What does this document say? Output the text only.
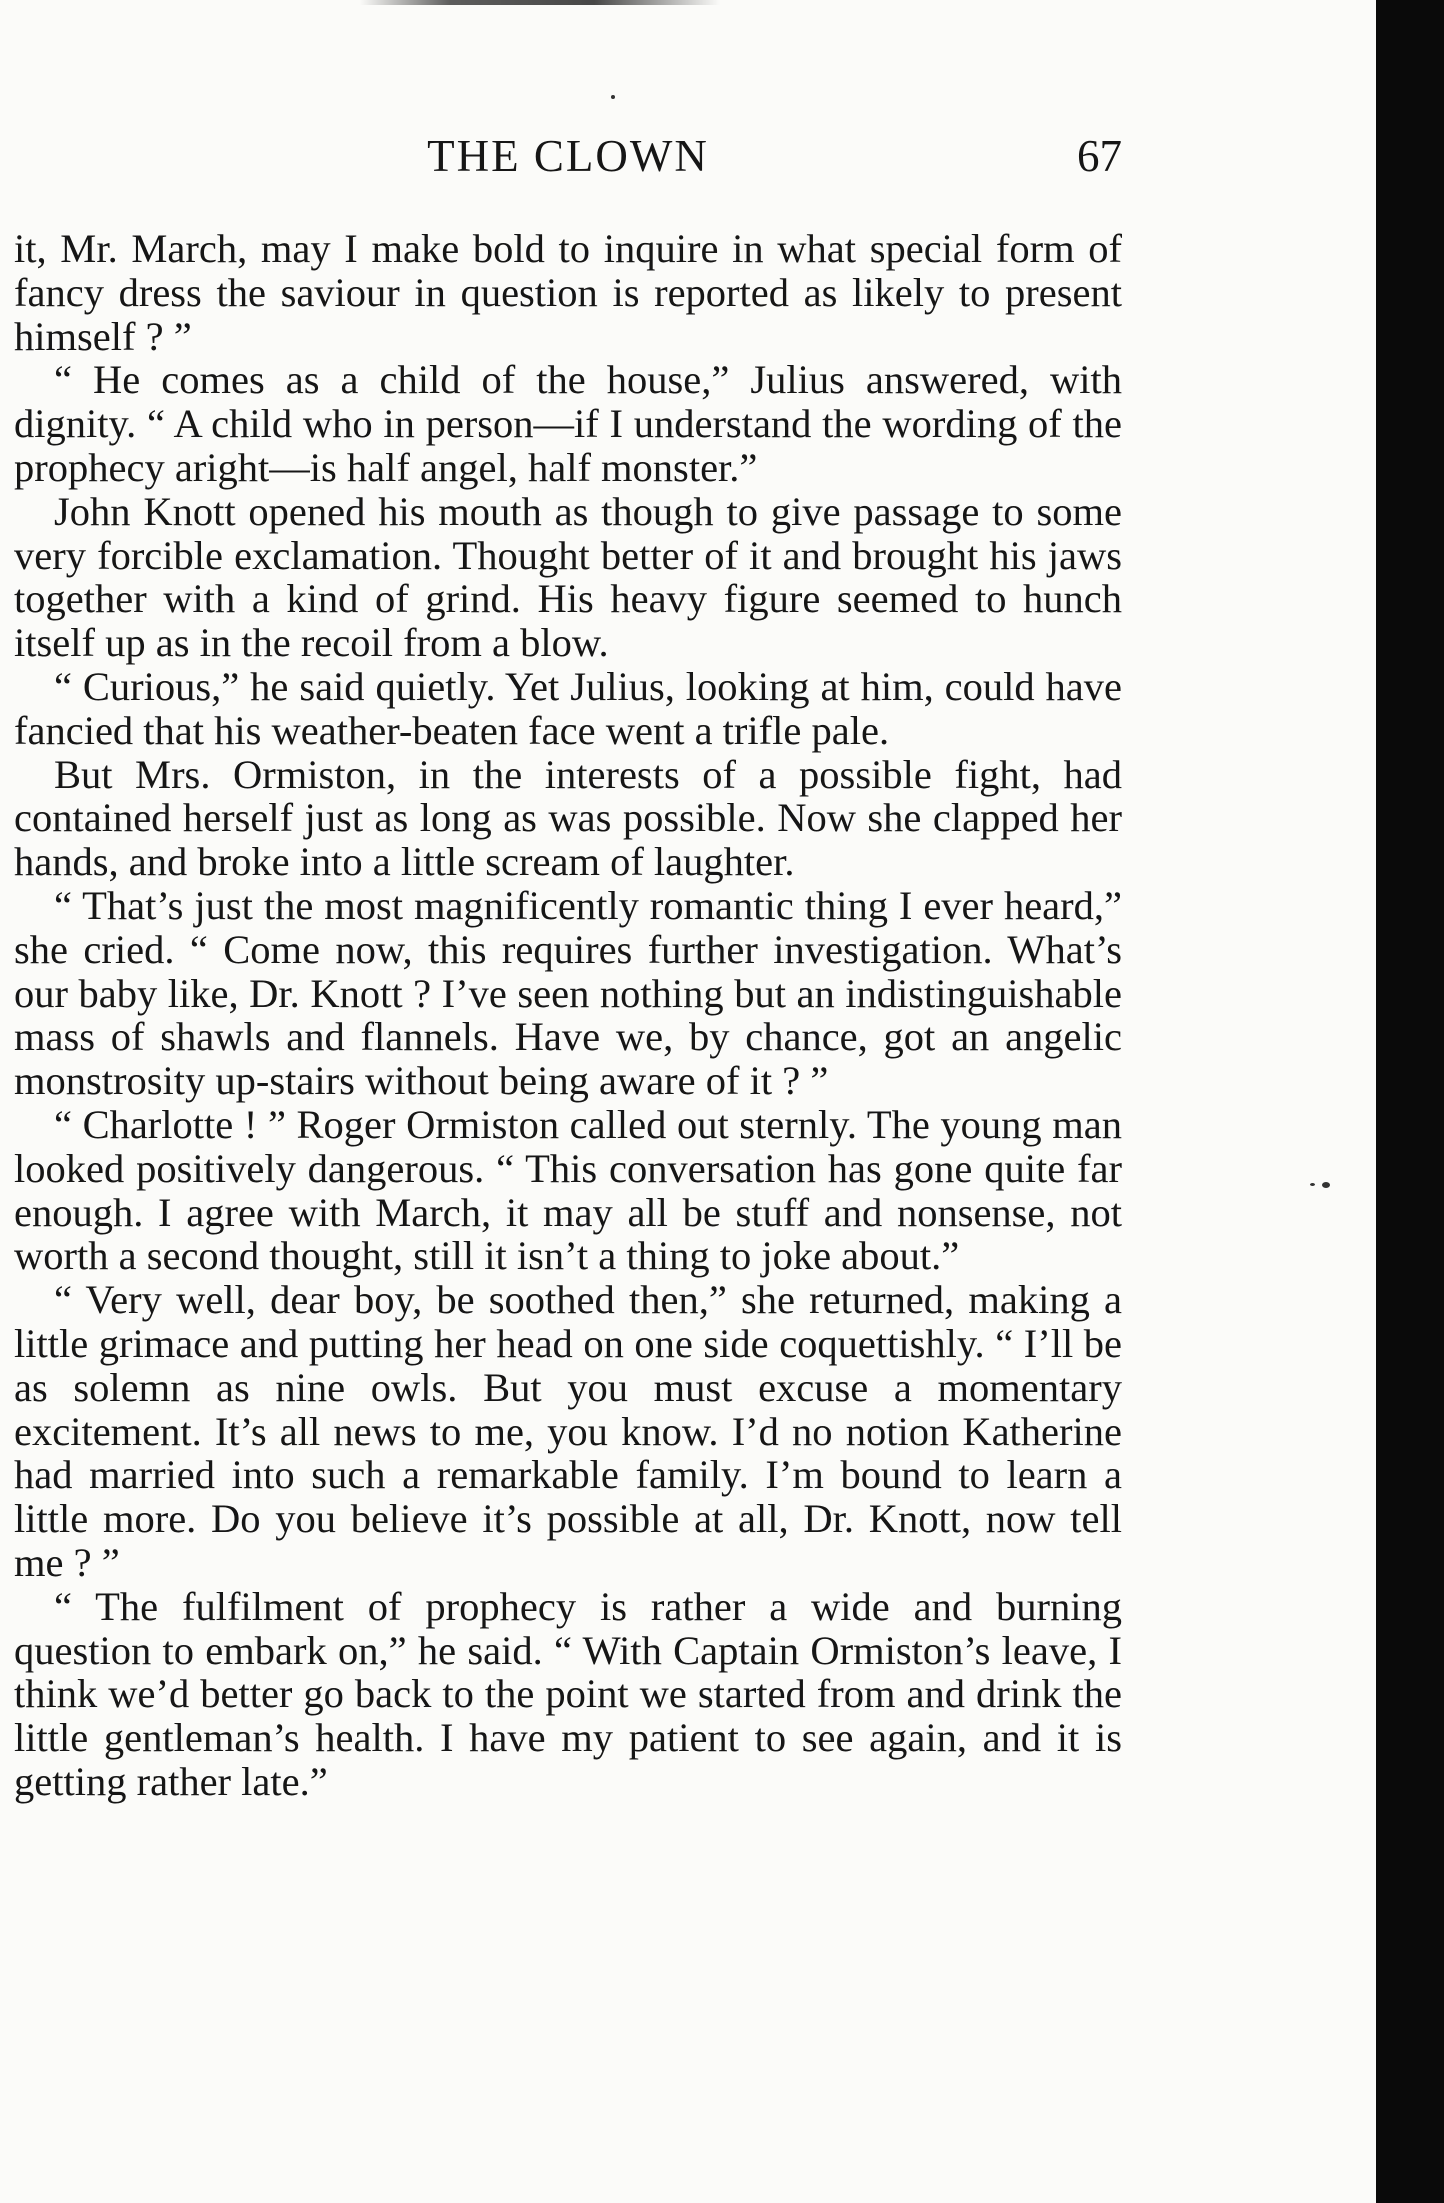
THE CLOWN	67

it, Mr. March, may I make bold to inquire in what special form of fancy dress the saviour in question is reported as likely to present himself ? ”

“ He comes as a child of the house,” Julius answered, with dignity. “ A child who in person—if I understand the wording of the prophecy aright—is half angel, half monster.”

John Knott opened his mouth as though to give passage to some very forcible exclamation. Thought better of it and brought his jaws together with a kind of grind. His heavy figure seemed to hunch itself up as in the recoil from a blow.

“ Curious,” he said quietly. Yet Julius, looking at him, could have fancied that his weather-beaten face went a trifle pale.

But Mrs. Ormiston, in the interests of a possible fight, had contained herself just as long as was possible. Now she clapped her hands, and broke into a little scream of laughter.

“ That’s just the most magnificently romantic thing I ever heard,” she cried. “ Come now, this requires further investigation. What’s our baby like, Dr. Knott ? I’ve seen nothing but an indistinguishable mass of shawls and flannels. Have we, by chance, got an angelic monstrosity up-stairs without being aware of it ? ”

“ Charlotte ! ” Roger Ormiston called out sternly. The young man looked positively dangerous. “ This conversation has gone quite far enough. I agree with March, it may all be stuff and nonsense, not worth a second thought, still it isn’t a thing to joke about.”

“ Very well, dear boy, be soothed then,” she returned, making a little grimace and putting her head on one side coquettishly. “ I’ll be as solemn as nine owls. But you must excuse a momentary excitement. It’s all news to me, you know. I’d no notion Katherine had married into such a remarkable family. I’m bound to learn a little more. Do you believe it’s possible at all, Dr. Knott, now tell me ? ”

“ The fulfilment of prophecy is rather a wide and burning question to embark on,” he said. “ With Captain Ormiston’s leave, I think we’d better go back to the point we started from and drink the little gentleman’s health. I have my patient to see again, and it is getting rather late.”
